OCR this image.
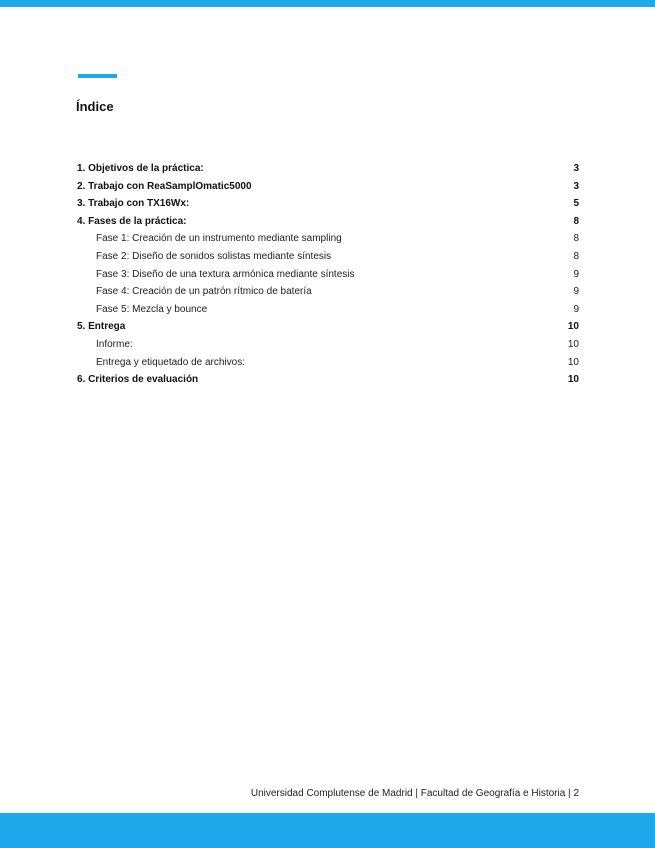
Índice
1. Objetivos de la práctica:	3
2. Trabajo con ReaSamplOmatic5000	3
3. Trabajo con TX16Wx:	5
4. Fases de la práctica:	8
Fase 1: Creación de un instrumento mediante sampling	8
Fase 2: Diseño de sonidos solistas mediante síntesis	8
Fase 3: Diseño de una textura armónica mediante síntesis	9
Fase 4: Creación de un patrón rítmico de batería	9
Fase 5: Mezcla y bounce	9
5. Entrega	10
Informe:	10
Entrega y etiquetado de archivos:	10
6. Criterios de evaluación	10
Universidad Complutense de Madrid | Facultad de Geografía e Historia | 2
